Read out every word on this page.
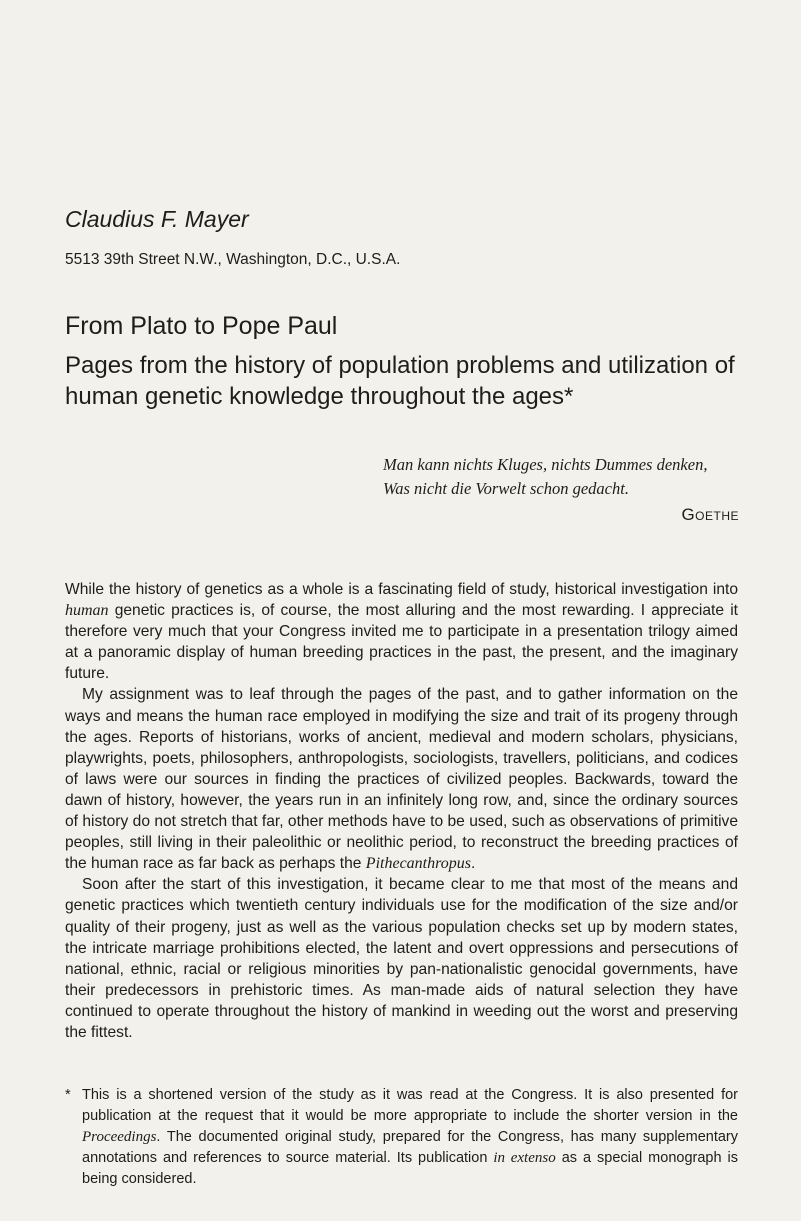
Claudius F. Mayer

5513 39th Street N.W., Washington, D.C., U.S.A.

From Plato to Pope Paul
Pages from the history of population problems and utilization of human genetic knowledge throughout the ages*
Man kann nichts Kluges, nichts Dummes denken,
Was nicht die Vorwelt schon gedacht.
Goethe

While the history of genetics as a whole is a fascinating field of study, historical investigation into human genetic practices is, of course, the most alluring and the most rewarding. I appreciate it therefore very much that your Congress invited me to participate in a presentation trilogy aimed at a panoramic display of human breeding practices in the past, the present, and the imaginary future.

My assignment was to leaf through the pages of the past, and to gather information on the ways and means the human race employed in modifying the size and trait of its progeny through the ages. Reports of historians, works of ancient, medieval and modern scholars, physicians, playwrights, poets, philosophers, anthropologists, sociologists, travellers, politicians, and codices of laws were our sources in finding the practices of civilized peoples. Backwards, toward the dawn of history, however, the years run in an infinitely long row, and, since the ordinary sources of history do not stretch that far, other methods have to be used, such as observations of primitive peoples, still living in their paleolithic or neolithic period, to reconstruct the breeding practices of the human race as far back as perhaps the Pithecanthropus.

Soon after the start of this investigation, it became clear to me that most of the means and genetic practices which twentieth century individuals use for the modification of the size and/or quality of their progeny, just as well as the various population checks set up by modern states, the intricate marriage prohibitions elected, the latent and overt oppressions and persecutions of national, ethnic, racial or religious minorities by pan-nationalistic genocidal governments, have their predecessors in prehistoric times. As man-made aids of natural selection they have continued to operate throughout the history of mankind in weeding out the worst and preserving the fittest.

* This is a shortened version of the study as it was read at the Congress. It is also presented for publication at the request that it would be more appropriate to include the shorter version in the Proceedings. The documented original study, prepared for the Congress, has many supplementary annotations and references to source material. Its publication in extenso as a special monograph is being considered.
